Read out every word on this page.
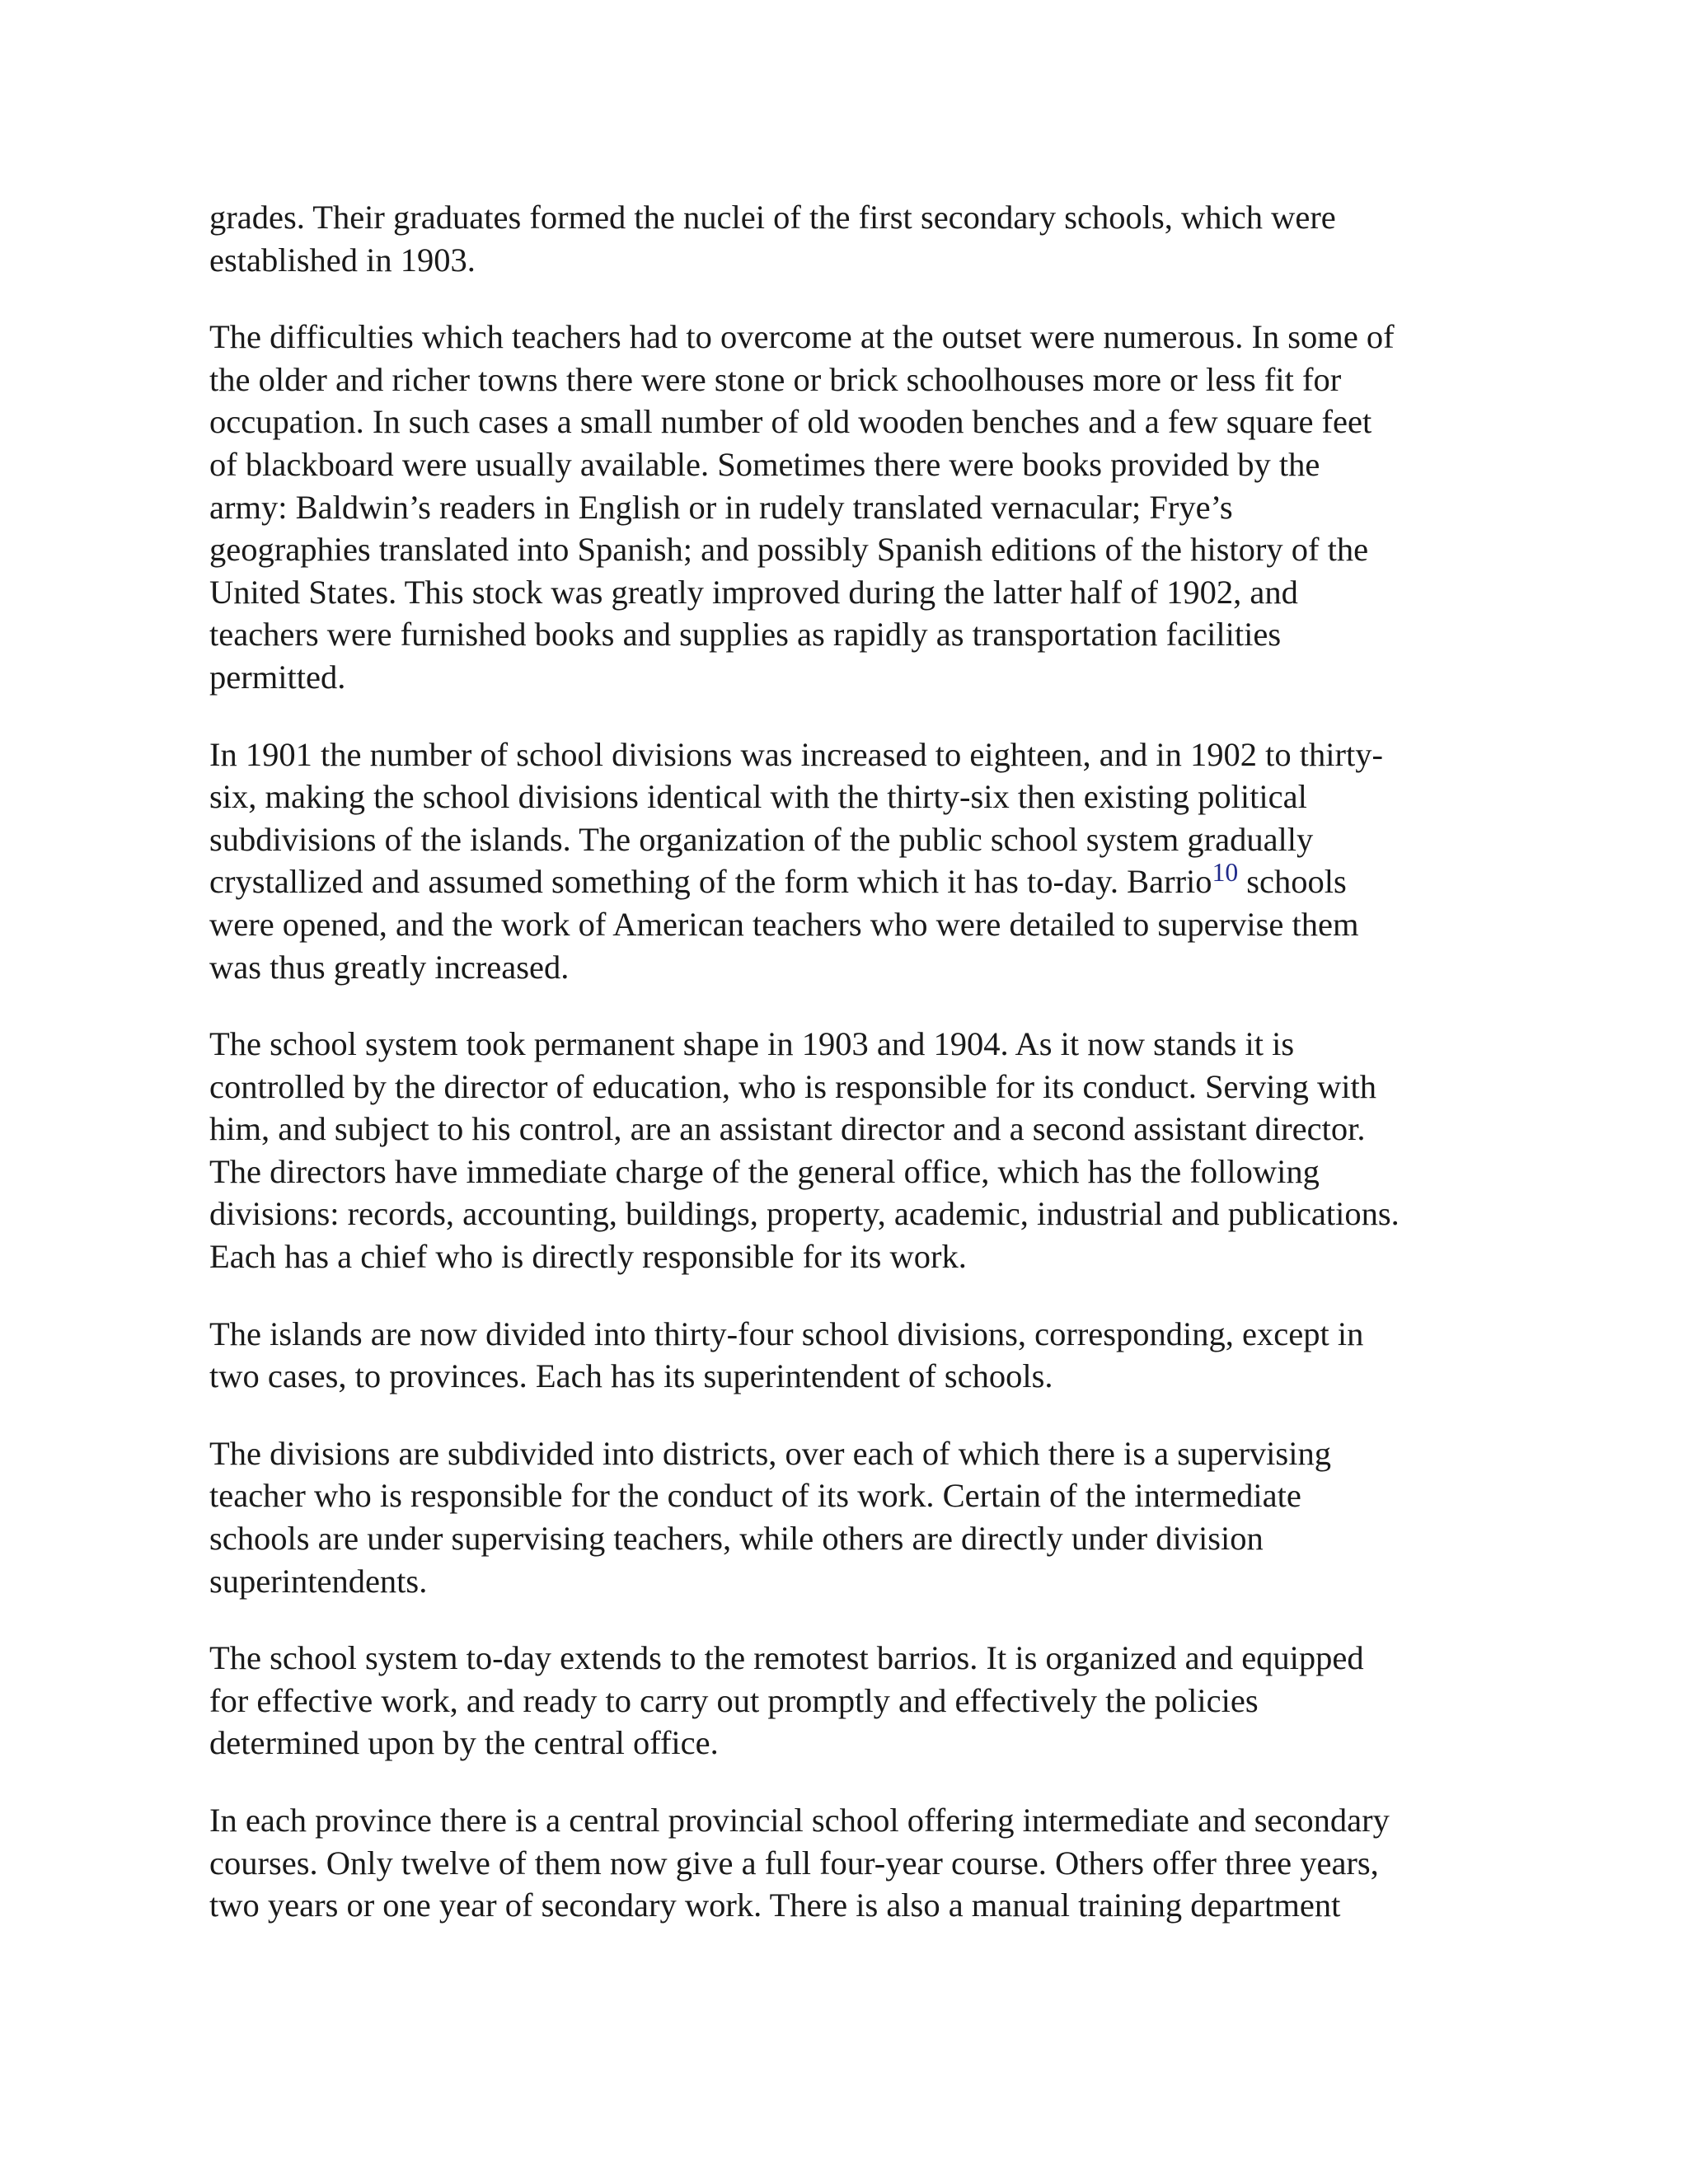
grades. Their graduates formed the nuclei of the first secondary schools, which were
established in 1903.

The difficulties which teachers had to overcome at the outset were numerous. In some of
the older and richer towns there were stone or brick schoolhouses more or less fit for
occupation. In such cases a small number of old wooden benches and a few square feet
of blackboard were usually available. Sometimes there were books provided by the
army: Baldwin’s readers in English or in rudely translated vernacular; Frye’s
geographies translated into Spanish; and possibly Spanish editions of the history of the
United States. This stock was greatly improved during the latter half of 1902, and
teachers were furnished books and supplies as rapidly as transportation facilities
permitted.

In 1901 the number of school divisions was increased to eighteen, and in 1902 to thirty-
six, making the school divisions identical with the thirty-six then existing political
subdivisions of the islands. The organization of the public school system gradually
crystallized and assumed something of the form which it has to-day. Barrio$^{10}$ schools
were opened, and the work of American teachers who were detailed to supervise them
was thus greatly increased.

The school system took permanent shape in 1903 and 1904. As it now stands it is
controlled by the director of education, who is responsible for its conduct. Serving with
him, and subject to his control, are an assistant director and a second assistant director.
The directors have immediate charge of the general office, which has the following
divisions: records, accounting, buildings, property, academic, industrial and publications.
Each has a chief who is directly responsible for its work.

The islands are now divided into thirty-four school divisions, corresponding, except in
two cases, to provinces. Each has its superintendent of schools.

The divisions are subdivided into districts, over each of which there is a supervising
teacher who is responsible for the conduct of its work. Certain of the intermediate
schools are under supervising teachers, while others are directly under division
superintendents.

The school system to-day extends to the remotest barrios. It is organized and equipped
for effective work, and ready to carry out promptly and effectively the policies
determined upon by the central office.

In each province there is a central provincial school offering intermediate and secondary
courses. Only twelve of them now give a full four-year course. Others offer three years,
two years or one year of secondary work. There is also a manual training department
